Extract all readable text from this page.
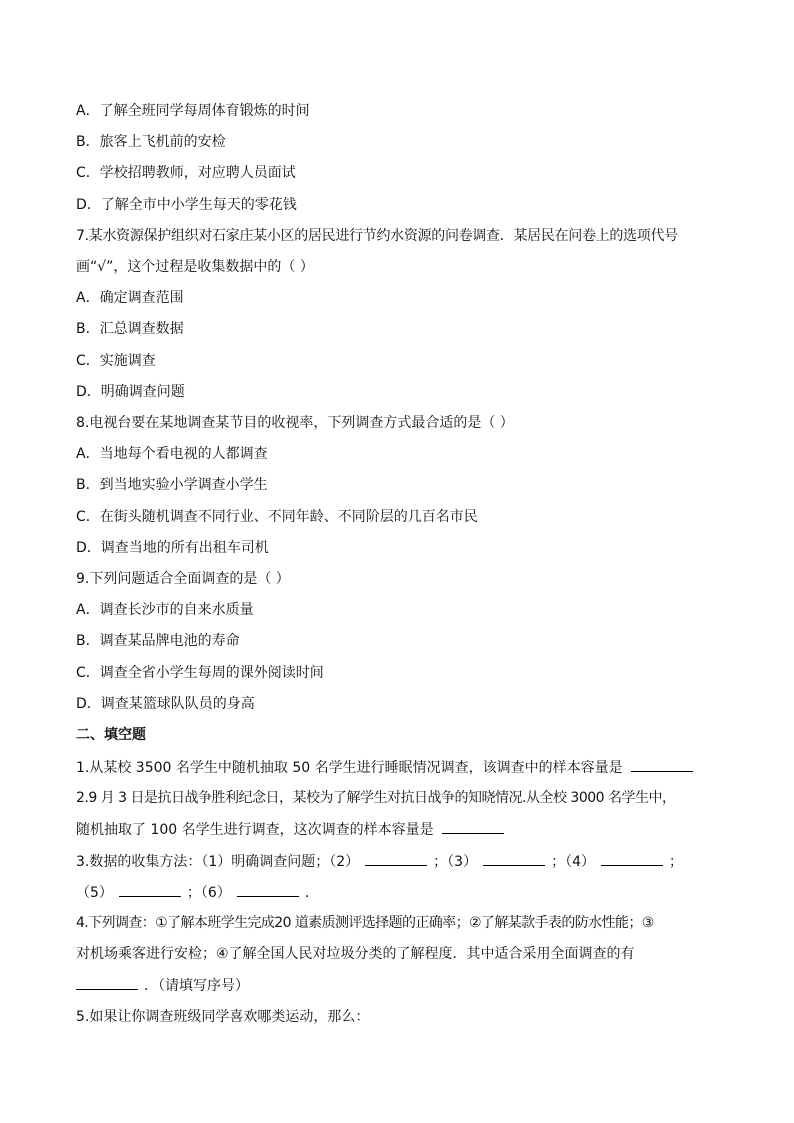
A．了解全班同学每周体育锻炼的时间
B．旅客上飞机前的安检
C．学校招聘教师，对应聘人员面试
D．了解全市中小学生每天的零花钱
7.某水资源保护组织对石家庄某小区的居民进行节约水资源的问卷调查．某居民在问卷上的选项代号
画“√”，这个过程是收集数据中的（ ）
A．确定调查范围
B．汇总调查数据
C．实施调查
D．明确调查问题
8.电视台要在某地调查某节目的收视率，下列调查方式最合适的是（ ）
A．当地每个看电视的人都调查
B．到当地实验小学调查小学生
C．在街头随机调查不同行业、不同年龄、不同阶层的几百名市民
D．调查当地的所有出租车司机
9.下列问题适合全面调查的是（ ）
A．调查长沙市的自来水质量
B．调查某品牌电池的寿命
C．调查全省小学生每周的课外阅读时间
D．调查某篮球队队员的身高
二、填空题
1.从某校 3500 名学生中随机抽取 50 名学生进行睡眠情况调查，该调查中的样本容量是
2.9 月 3 日是抗日战争胜利纪念日，某校为了解学生对抗日战争的知晓情况.从全校 3000 名学生中，
随机抽取了 100 名学生进行调查，这次调查的样本容量是
3.数据的收集方法：（1）明确调查问题；（2）	；（3）	；（4）	；
（5）	；（6）	．
4.下列调查：①了解本班学生完成20 道素质测评选择题的正确率；②了解某款手表的防水性能；③
对机场乘客进行安检；④了解全国人民对垃圾分类的了解程度．其中适合采用全面调查的有
．（请填写序号）
5.如果让你调查班级同学喜欢哪类运动，那么：
